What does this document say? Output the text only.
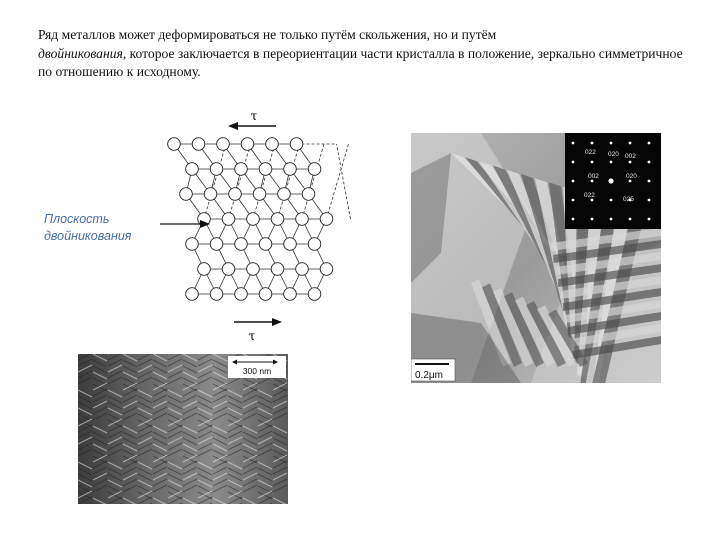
Ряд металлов может деформироваться не только путём скольжения, но и путём
двойникования, которое заключается в переориентации части кристалла в положение, зеркально симметричное по отношению к исходному.

τ
τ
Плоскость
двойникования
022 020
002	020
002
022
025
0.2μm
300 nm
